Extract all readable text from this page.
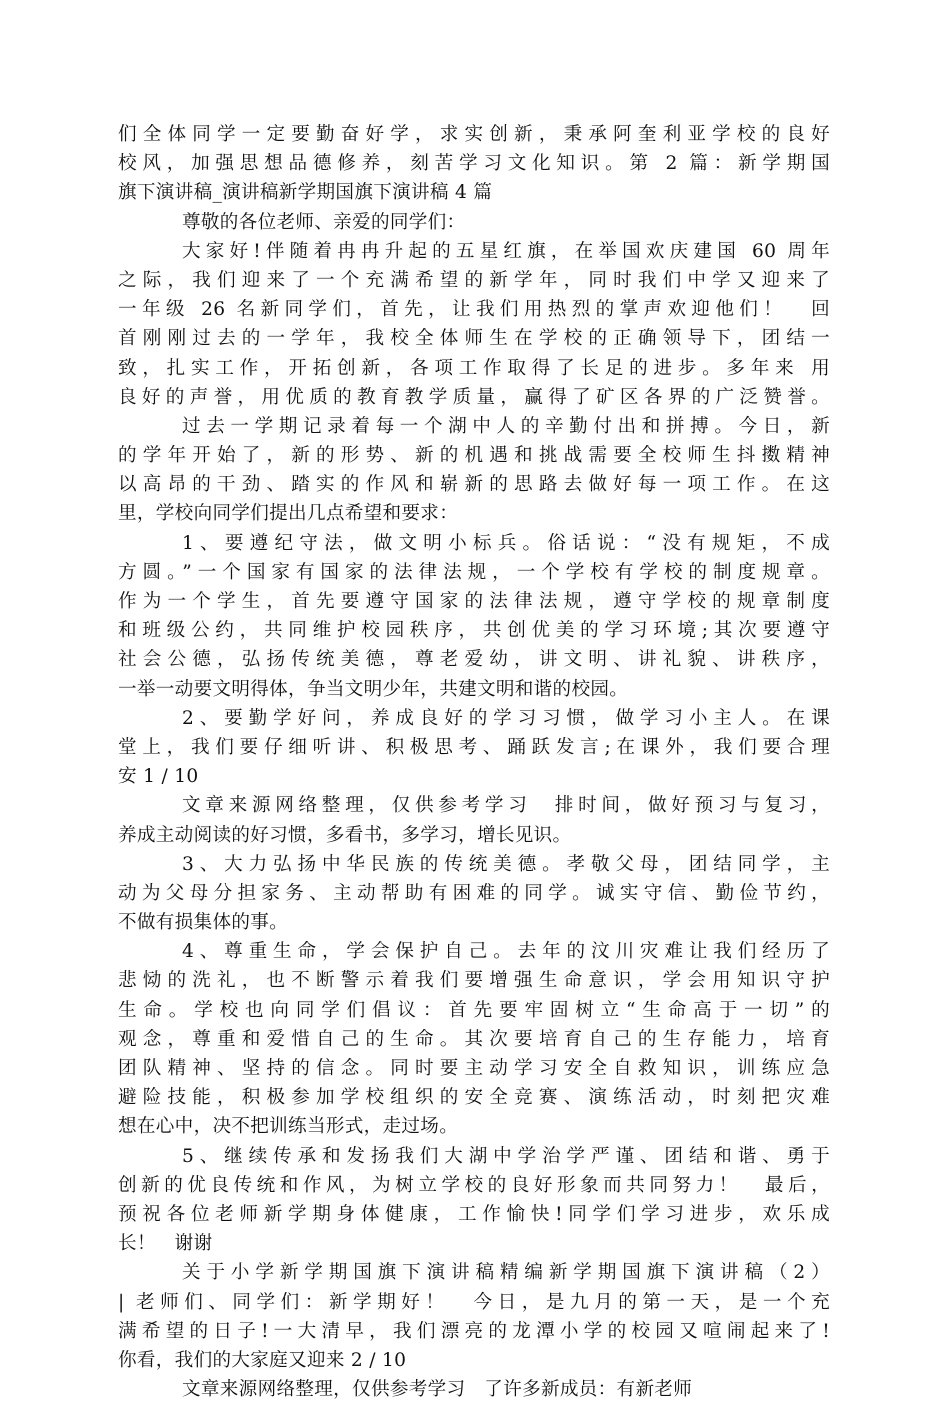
们全体同学一定要勤奋好学，求实创新，秉承阿奎利亚学校的良好
校风，加强思想品德修养，刻苦学习文化知识。第 2 篇：新学期国
旗下演讲稿_演讲稿新学期国旗下演讲稿 4 篇
尊敬的各位老师、亲爱的同学们：
大家好!伴随着冉冉升起的五星红旗，在举国欢庆建国 60 周年
之际，我们迎来了一个充满希望的新学年，同时我们中学又迎来了
一年级 26 名新同学们，首先，让我们用热烈的掌声欢迎他们！　回
首刚刚过去的一学年，我校全体师生在学校的正确领导下，团结一
致，扎实工作，开拓创新，各项工作取得了长足的进步。多年来 用
良好的声誉，用优质的教育教学质量，赢得了矿区各界的广泛赞誉。
过去一学期记录着每一个湖中人的辛勤付出和拼搏。今日，新
的学年开始了，新的形势、新的机遇和挑战需要全校师生抖擞精神
以高昂的干劲、踏实的作风和崭新的思路去做好每一项工作。在这
里，学校向同学们提出几点希望和要求：
1、要遵纪守法，做文明小标兵。俗话说：“没有规矩，不成
方圆。”一个国家有国家的法律法规，一个学校有学校的制度规章。
作为一个学生，首先要遵守国家的法律法规，遵守学校的规章制度
和班级公约，共同维护校园秩序，共创优美的学习环境;其次要遵守
社会公德，弘扬传统美德，尊老爱幼，讲文明、讲礼貌、讲秩序，
一举一动要文明得体，争当文明少年，共建文明和谐的校园。
2、要勤学好问，养成良好的学习习惯，做学习小主人。在课
堂上，我们要仔细听讲、积极思考、踊跃发言;在课外，我们要合理
安 1 / 10
文章来源网络整理，仅供参考学习　排时间，做好预习与复习，
养成主动阅读的好习惯，多看书，多学习，增长见识。
3、大力弘扬中华民族的传统美德。孝敬父母，团结同学，主
动为父母分担家务、主动帮助有困难的同学。诚实守信、勤俭节约，
不做有损集体的事。
4、尊重生命，学会保护自己。去年的汶川灾难让我们经历了
悲恸的洗礼，也不断警示着我们要增强生命意识，学会用知识守护
生命。学校也向同学们倡议：首先要牢固树立“生命高于一切”的
观念，尊重和爱惜自己的生命。其次要培育自己的生存能力，培育
团队精神、坚持的信念。同时要主动学习安全自救知识，训练应急
避险技能，积极参加学校组织的安全竞赛、演练活动，时刻把灾难
想在心中，决不把训练当形式，走过场。
5、继续传承和发扬我们大湖中学治学严谨、团结和谐、勇于
创新的优良传统和作风，为树立学校的良好形象而共同努力！　最后，
预祝各位老师新学期身体健康，工作愉快!同学们学习进步，欢乐成
长！　谢谢
关于小学新学期国旗下演讲稿精编新学期国旗下演讲稿（2）
| 老师们、同学们：新学期好！　今日，是九月的第一天，是一个充
满希望的日子!一大清早，我们漂亮的龙潭小学的校园又喧闹起来了!
你看，我们的大家庭又迎来 2 / 10
文章来源网络整理，仅供参考学习　了许多新成员：有新老师
